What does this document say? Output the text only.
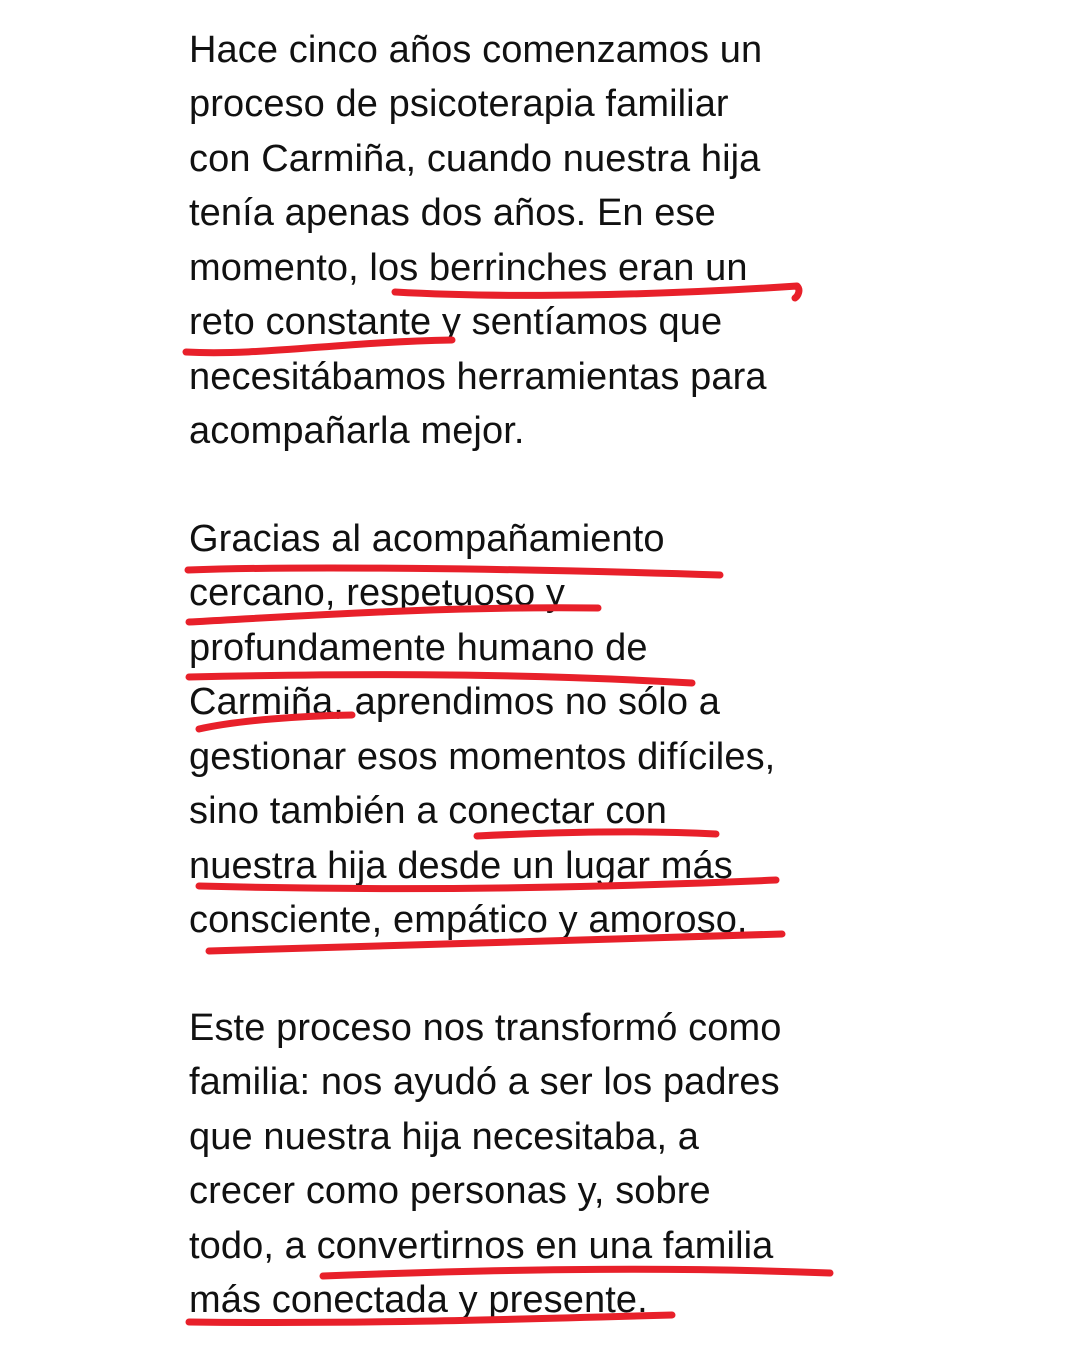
Hace cinco años comenzamos un
proceso de psicoterapia familiar
con Carmiña, cuando nuestra hija
tenía apenas dos años. En ese
momento, los berrinches eran un
reto constante y sentíamos que
necesitábamos herramientas para
acompañarla mejor.
Gracias al acompañamiento
cercano, respetuoso y
profundamente humano de
Carmiña, aprendimos no sólo a
gestionar esos momentos difíciles,
sino también a conectar con
nuestra hija desde un lugar más
consciente, empático y amoroso.
Este proceso nos transformó como
familia: nos ayudó a ser los padres
que nuestra hija necesitaba, a
crecer como personas y, sobre
todo, a convertirnos en una familia
más conectada y presente.
